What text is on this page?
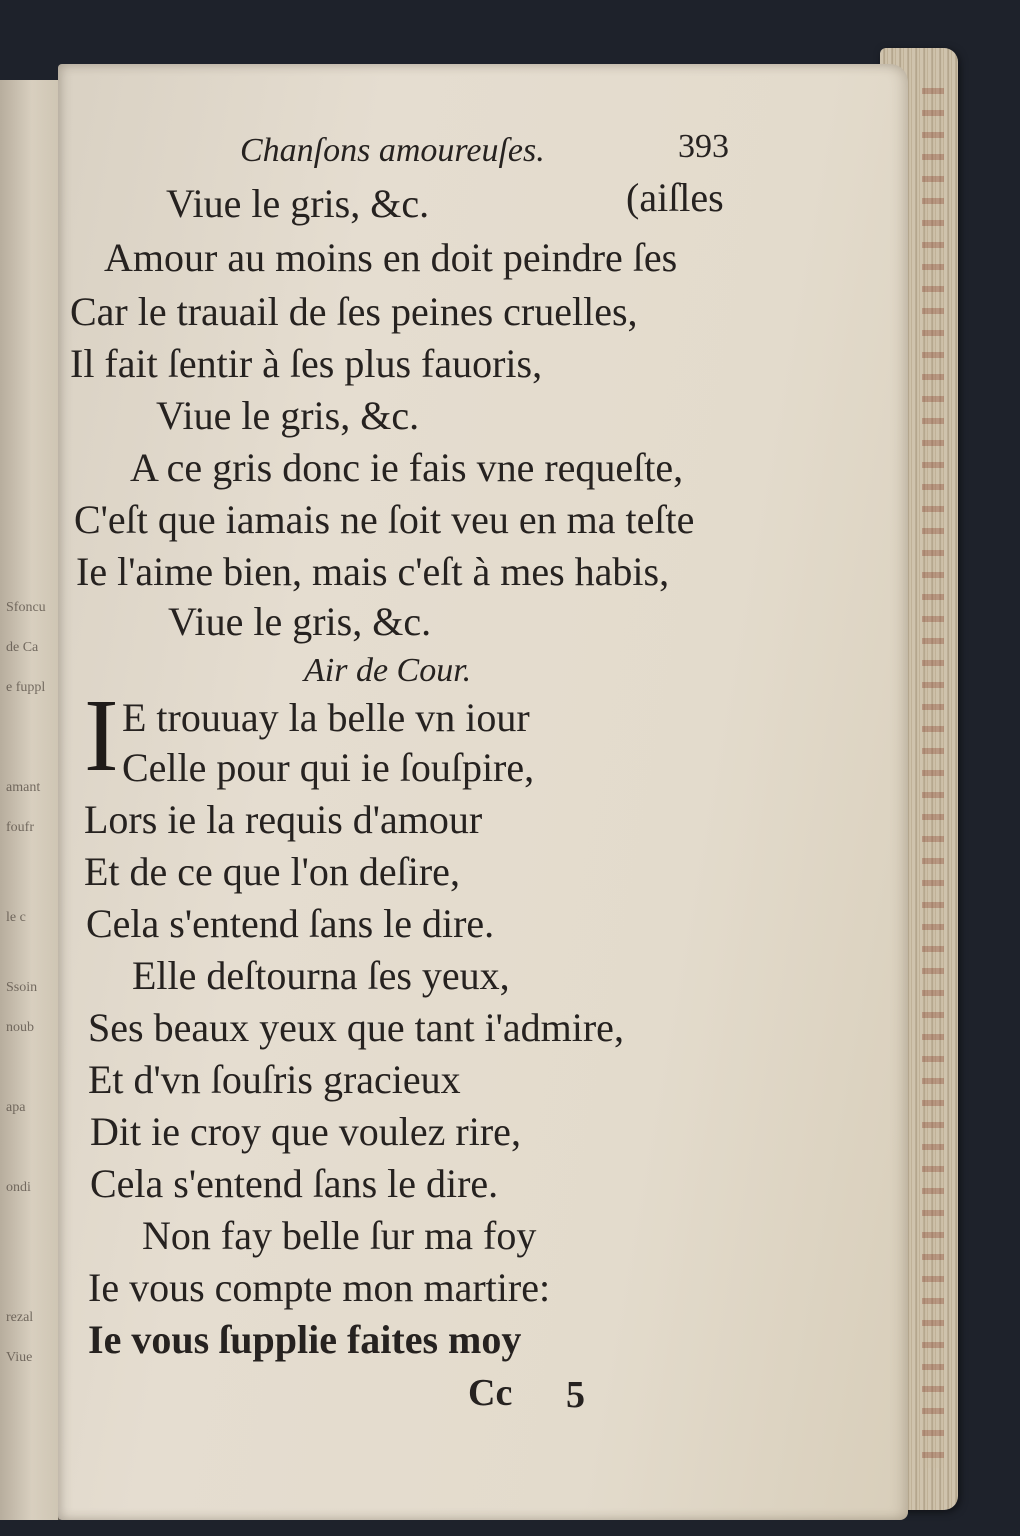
Sfoncu
de Ca
e fuppl
amant
foufr
le c
Ssoin
noub
apa
ondi
rezal
Viue
Chanſons amoureuſes.	393
Viue le gris, &c.	(aiſles
Amour au moins en doit peindre ſes
Car le trauail de ſes peines cruelles,
Il fait ſentir à ſes plus fauoris,
Viue le gris, &c.
A ce gris donc ie fais vne requeſte,
C'eſt que iamais ne ſoit veu en ma teſte
Ie l'aime bien, mais c'eſt à mes habis,
Viue le gris, &c.
Air de Cour.
I E trouuay la belle vn iour
Celle pour qui ie ſouſpire,
Lors ie la requis d'amour
Et de ce que l'on deſire,
Cela s'entend ſans le dire.
Elle deſtourna ſes yeux,
Ses beaux yeux que tant i'admire,
Et d'vn ſouſris gracieux
Dit ie croy que voulez rire,
Cela s'entend ſans le dire.
Non fay belle ſur ma foy
Ie vous compte mon martire:
Ie vous ſupplie faites moy
Cc 5
